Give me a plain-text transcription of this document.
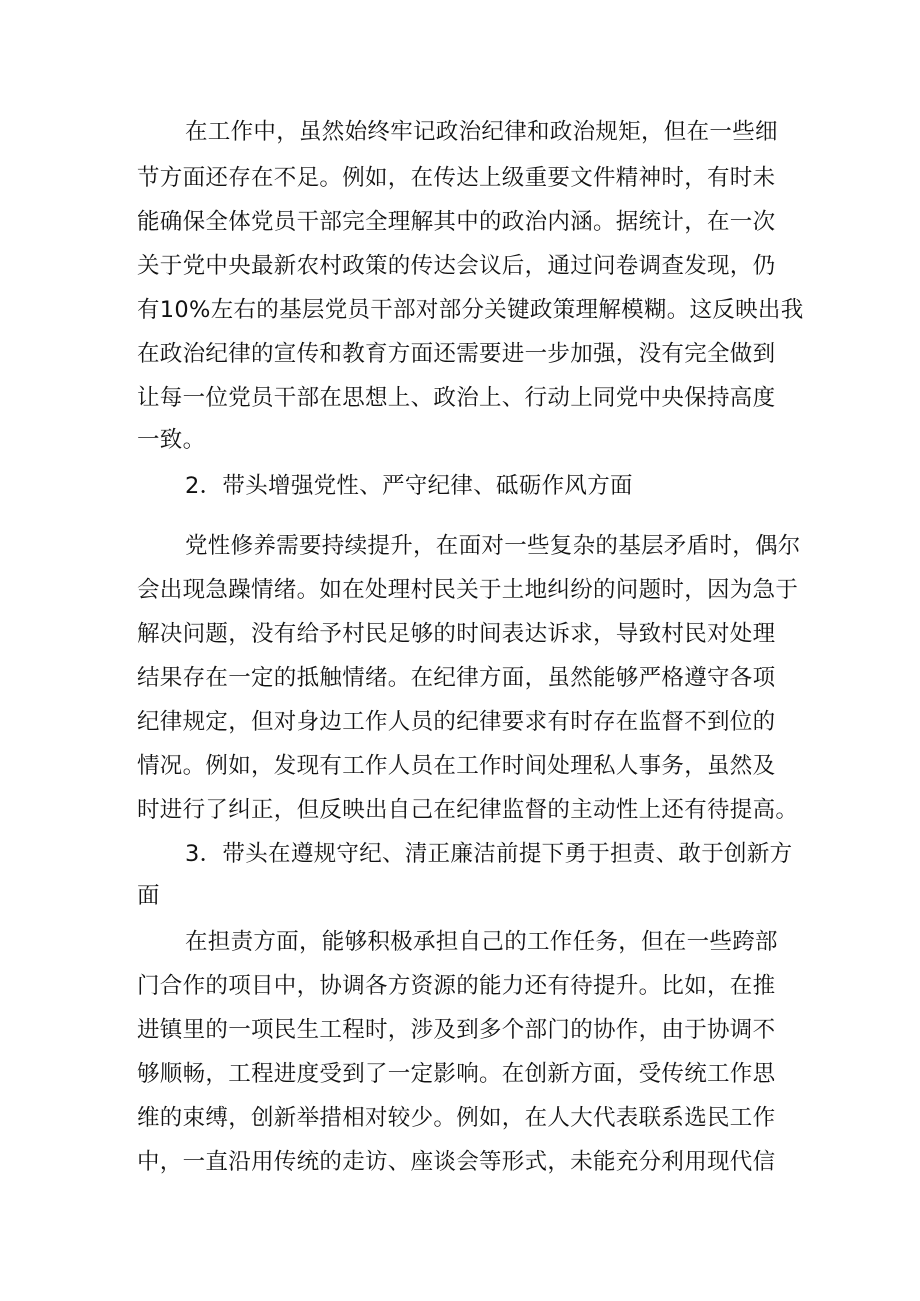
在工作中，虽然始终牢记政治纪律和政治规矩，但在一些细
节方面还存在不足。例如，在传达上级重要文件精神时，有时未
能确保全体党员干部完全理解其中的政治内涵。据统计，在一次
关于党中央最新农村政策的传达会议后，通过问卷调查发现，仍
有10%左右的基层党员干部对部分关键政策理解模糊。这反映出我
在政治纪律的宣传和教育方面还需要进一步加强，没有完全做到
让每一位党员干部在思想上、政治上、行动上同党中央保持高度
一致。
2．带头增强党性、严守纪律、砥砺作风方面
党性修养需要持续提升，在面对一些复杂的基层矛盾时，偶尔
会出现急躁情绪。如在处理村民关于土地纠纷的问题时，因为急于
解决问题，没有给予村民足够的时间表达诉求，导致村民对处理
结果存在一定的抵触情绪。在纪律方面，虽然能够严格遵守各项
纪律规定，但对身边工作人员的纪律要求有时存在监督不到位的
情况。例如，发现有工作人员在工作时间处理私人事务，虽然及
时进行了纠正，但反映出自己在纪律监督的主动性上还有待提高。
3．带头在遵规守纪、清正廉洁前提下勇于担责、敢于创新方
面
在担责方面，能够积极承担自己的工作任务，但在一些跨部
门合作的项目中，协调各方资源的能力还有待提升。比如，在推
进镇里的一项民生工程时，涉及到多个部门的协作，由于协调不
够顺畅，工程进度受到了一定影响。在创新方面，受传统工作思
维的束缚，创新举措相对较少。例如，在人大代表联系选民工作
中，一直沿用传统的走访、座谈会等形式，未能充分利用现代信
